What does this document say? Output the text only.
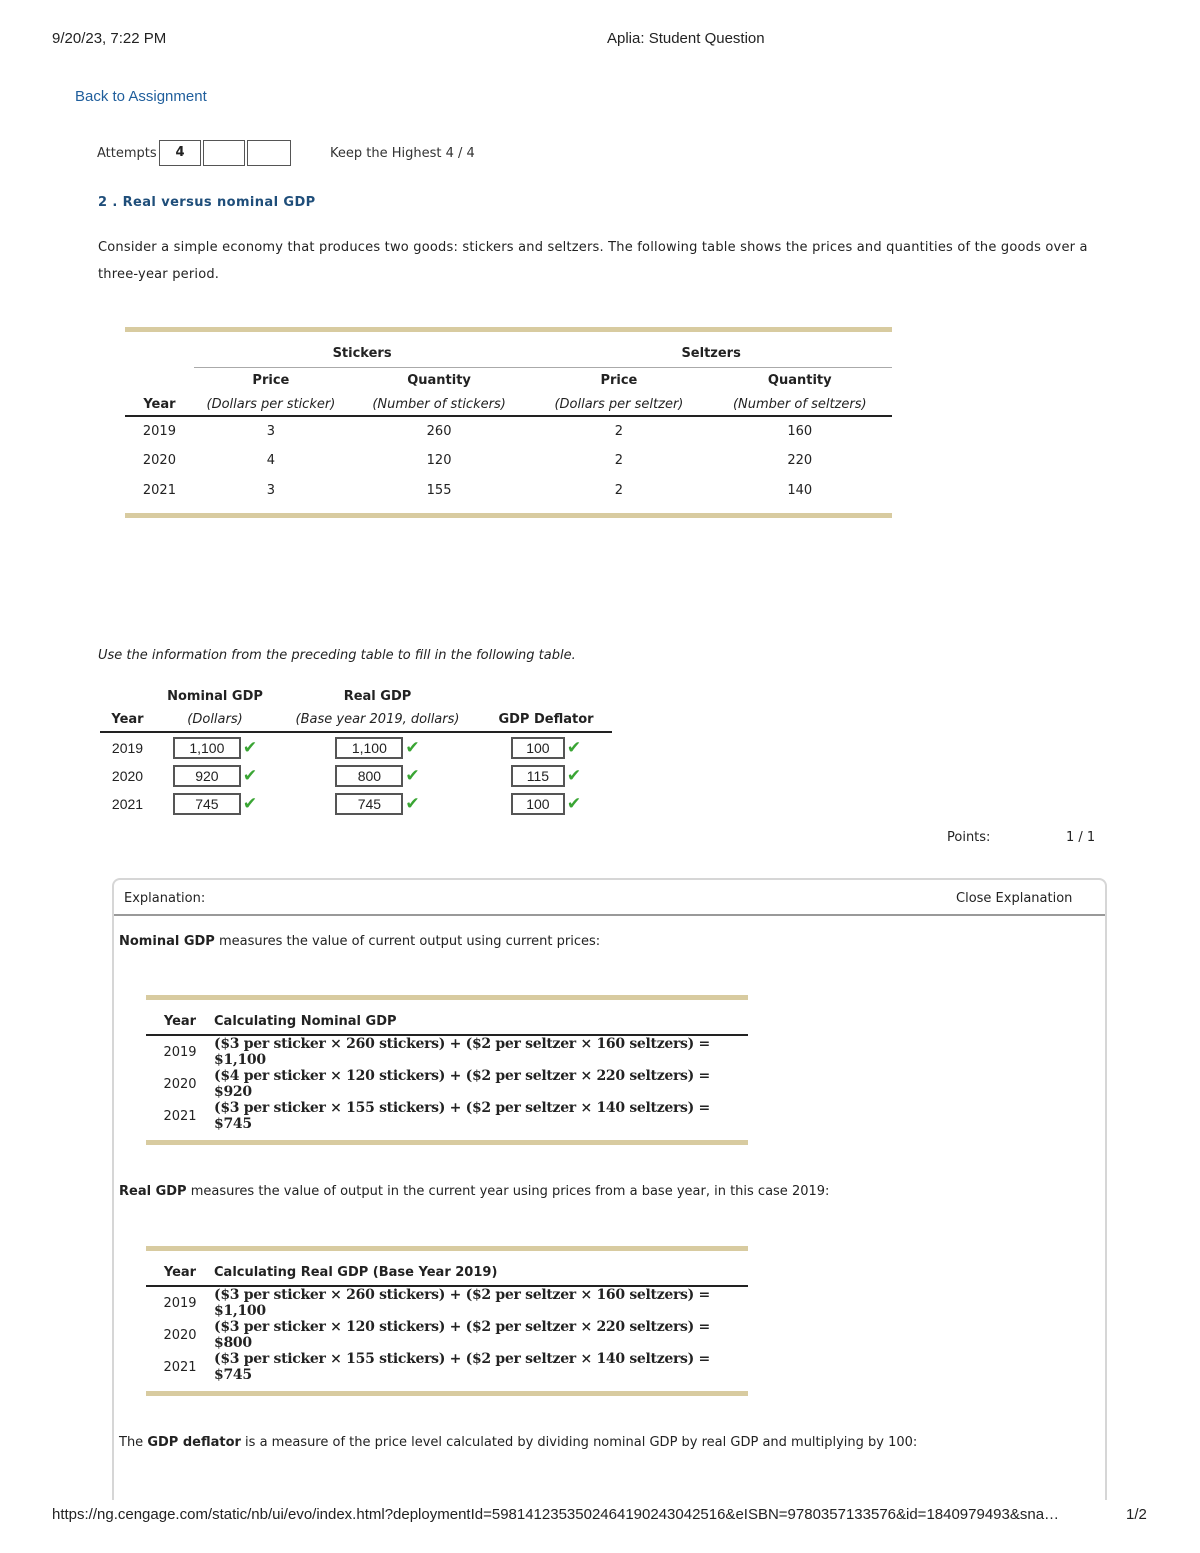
9/20/23, 7:22 PM	Aplia: Student Question
Back to Assignment
Attempts	4	Keep the Highest 4 / 4
2 . Real versus nominal GDP
Consider a simple economy that produces two goods: stickers and seltzers. The following table shows the prices and quantities of the goods over a
three-year period.
	Stickers		Seltzers	
	Price	Quantity	Price	Quantity
Year	(Dollars per sticker)	(Number of stickers)	(Dollars per seltzer)	(Number of seltzers)
2019	3	260	2	160
2020	4	120	2	220
2021	3	155	2	140
Use the information from the preceding table to fill in the following table.
	Nominal GDP	Real GDP	
Year	(Dollars)	(Base year 2019, dollars)	GDP Deflator
2019	1,100✔	1,100✔	100✔
2020	920✔	800✔	115✔
2021	745✔	745✔	100✔
Points:	1 / 1
Explanation:	Close Explanation
Nominal GDP measures the value of current output using current prices:
Year	Calculating Nominal GDP
2019	($3 per sticker × 260 stickers) + ($2 per seltzer × 160 seltzers) = $1,100
2020	($4 per sticker × 120 stickers) + ($2 per seltzer × 220 seltzers) = $920
2021	($3 per sticker × 155 stickers) + ($2 per seltzer × 140 seltzers) = $745
Real GDP measures the value of output in the current year using prices from a base year, in this case 2019:
Year	Calculating Real GDP (Base Year 2019)
2019	($3 per sticker × 260 stickers) + ($2 per seltzer × 160 seltzers) = $1,100
2020	($3 per sticker × 120 stickers) + ($2 per seltzer × 220 seltzers) = $800
2021	($3 per sticker × 155 stickers) + ($2 per seltzer × 140 seltzers) = $745
The GDP deflator is a measure of the price level calculated by dividing nominal GDP by real GDP and multiplying by 100:
https://ng.cengage.com/static/nb/ui/evo/index.html?deploymentId=5981412353502464190243042516&eISBN=9780357133576&id=1840979493&sna…	1/2
